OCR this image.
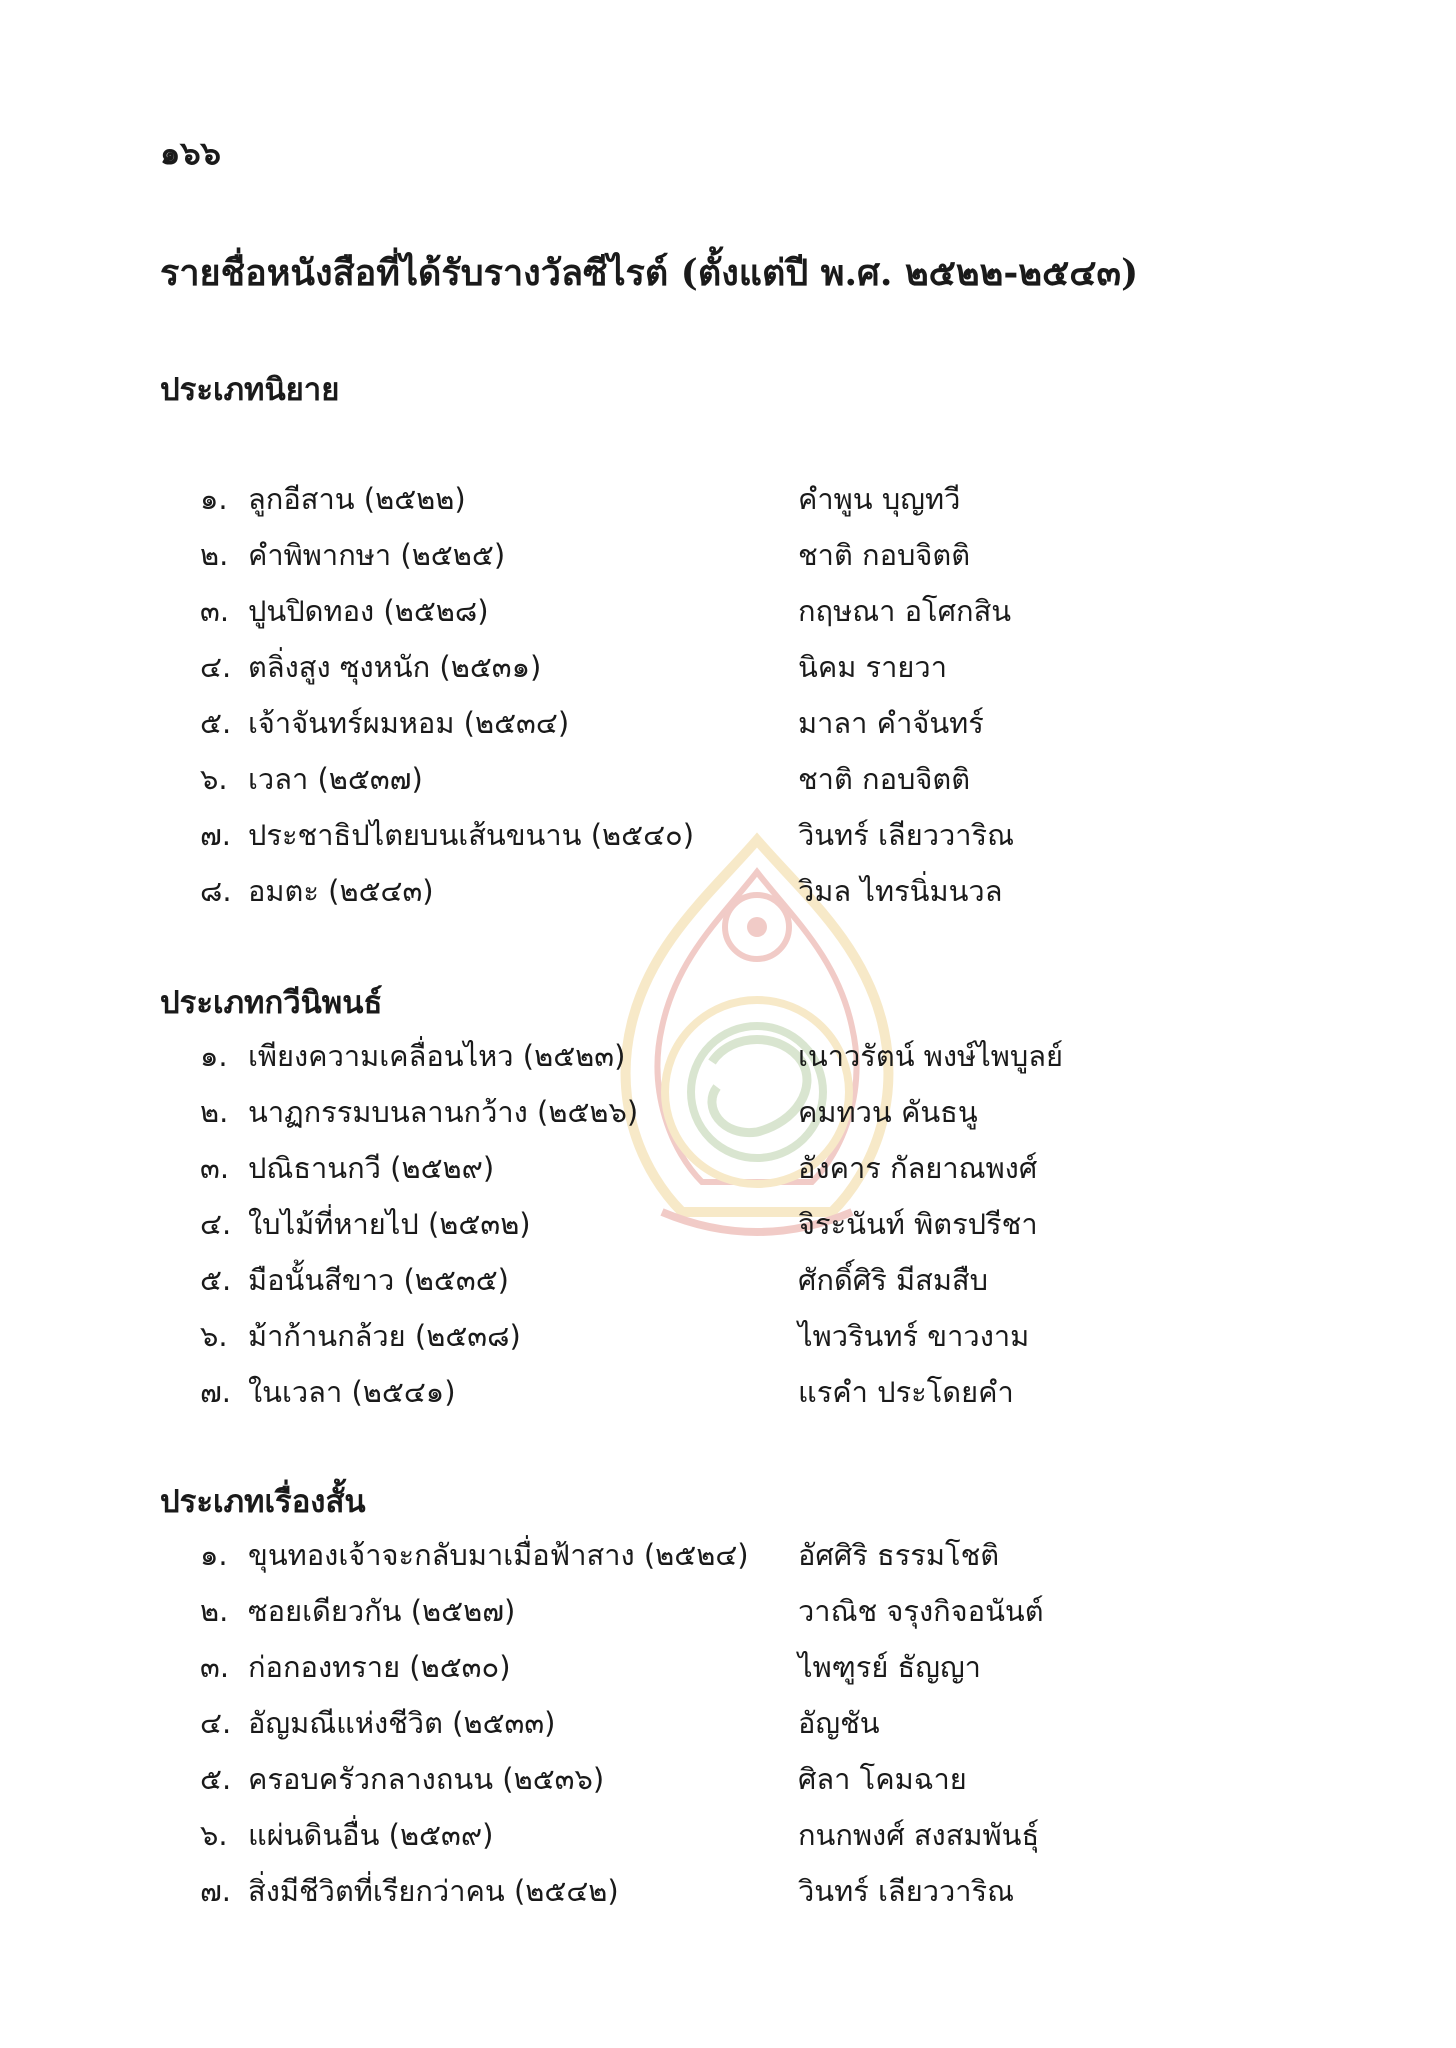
๑๖๖
รายชื่อหนังสือที่ได้รับรางวัลซีไรต์ (ตั้งแต่ปี พ.ศ. ๒๕๒๒-๒๕๔๓)
ประเภทนิยาย
๑. ลูกอีสาน (๒๕๒๒)	คำพูน บุญทวี
๒. คำพิพากษา (๒๕๒๕)	ชาติ กอบจิตติ
๓. ปูนปิดทอง (๒๕๒๘)	กฤษณา อโศกสิน
๔. ตลิ่งสูง ซุงหนัก (๒๕๓๑)	นิคม รายวา
๕. เจ้าจันทร์ผมหอม (๒๕๓๔)	มาลา คำจันทร์
๖. เวลา (๒๕๓๗)	ชาติ กอบจิตติ
๗. ประชาธิปไตยบนเส้นขนาน (๒๕๔๐)	วินทร์ เลียววาริณ
๘. อมตะ (๒๕๔๓)	วิมล ไทรนิ่มนวล
ประเภทกวีนิพนธ์
๑. เพียงความเคลื่อนไหว (๒๕๒๓)	เนาวรัตน์ พงษ์ไพบูลย์
๒. นาฏกรรมบนลานกว้าง (๒๕๒๖)	คมทวน คันธนู
๓. ปณิธานกวี (๒๕๒๙)	อังคาร กัลยาณพงศ์
๔. ใบไม้ที่หายไป (๒๕๓๒)	จิระนันท์ พิตรปรีชา
๕. มือนั้นสีขาว (๒๕๓๕)	ศักดิ์ศิริ มีสมสืบ
๖. ม้าก้านกล้วย (๒๕๓๘)	ไพวรินทร์ ขาวงาม
๗. ในเวลา (๒๕๔๑)	แรคำ ประโดยคำ
ประเภทเรื่องสั้น
๑. ขุนทองเจ้าจะกลับมาเมื่อฟ้าสาง (๒๕๒๔) อัศศิริ ธรรมโชติ
๒. ซอยเดียวกัน (๒๕๒๗)	วาณิช จรุงกิจอนันต์
๓. ก่อกองทราย (๒๕๓๐)	ไพฑูรย์ ธัญญา
๔. อัญมณีแห่งชีวิต (๒๕๓๓)	อัญชัน
๕. ครอบครัวกลางถนน (๒๕๓๖)	ศิลา โคมฉาย
๖. แผ่นดินอื่น (๒๕๓๙)	กนกพงศ์ สงสมพันธุ์
๗. สิ่งมีชีวิตที่เรียกว่าคน (๒๕๔๒)	วินทร์ เลียววาริณ
